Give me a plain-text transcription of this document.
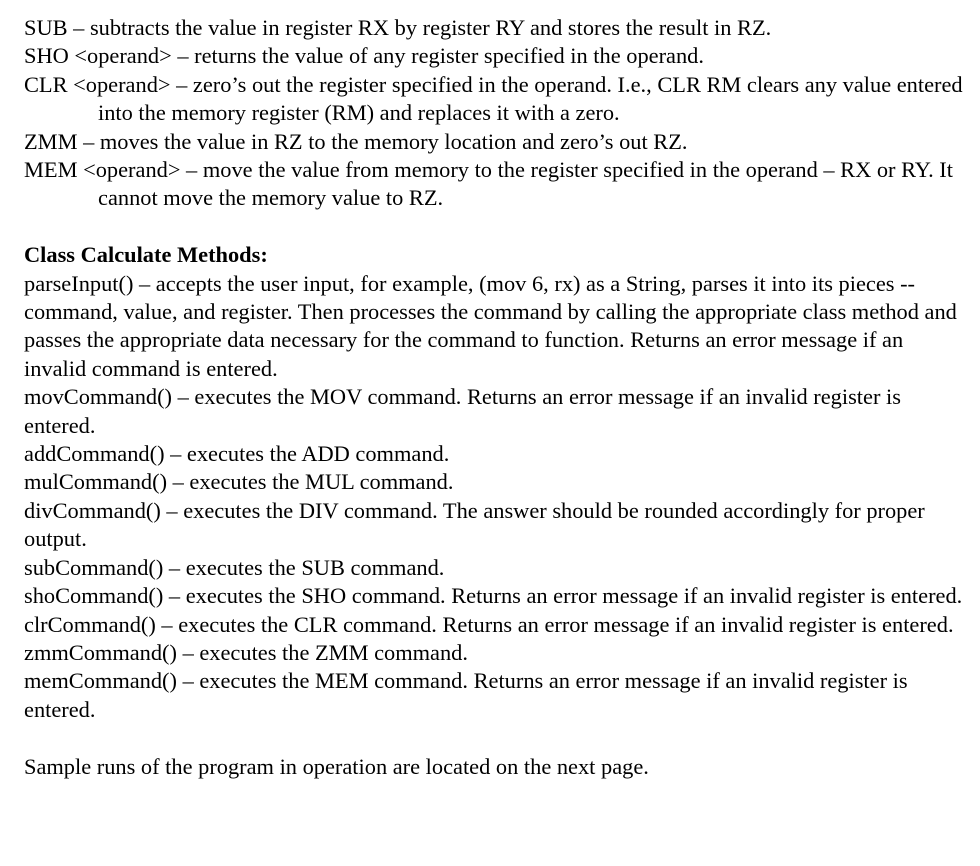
SUB – subtracts the value in register RX by register RY and stores the result in RZ.

SHO <operand> – returns the value of any register specified in the operand.

CLR <operand> – zero’s out the register specified in the operand. I.e., CLR RM clears any value entered into the memory register (RM) and replaces it with a zero.

ZMM – moves the value in RZ to the memory location and zero’s out RZ.

MEM <operand> – move the value from memory to the register specified in the operand – RX or RY. It cannot move the memory value to RZ.

Class Calculate Methods:

parseInput() – accepts the user input, for example, (mov 6, rx) as a String, parses it into its pieces -- command, value, and register. Then processes the command by calling the appropriate class method and passes the appropriate data necessary for the command to function. Returns an error message if an invalid command is entered.

movCommand() – executes the MOV command. Returns an error message if an invalid register is entered.

addCommand() – executes the ADD command.

mulCommand() – executes the MUL command.

divCommand() – executes the DIV command. The answer should be rounded accordingly for proper output.

subCommand() – executes the SUB command.

shoCommand() – executes the SHO command. Returns an error message if an invalid register is entered.

clrCommand() – executes the CLR command. Returns an error message if an invalid register is entered.

zmmCommand() – executes the ZMM command.

memCommand() – executes the MEM command. Returns an error message if an invalid register is entered.

Sample runs of the program in operation are located on the next page.
